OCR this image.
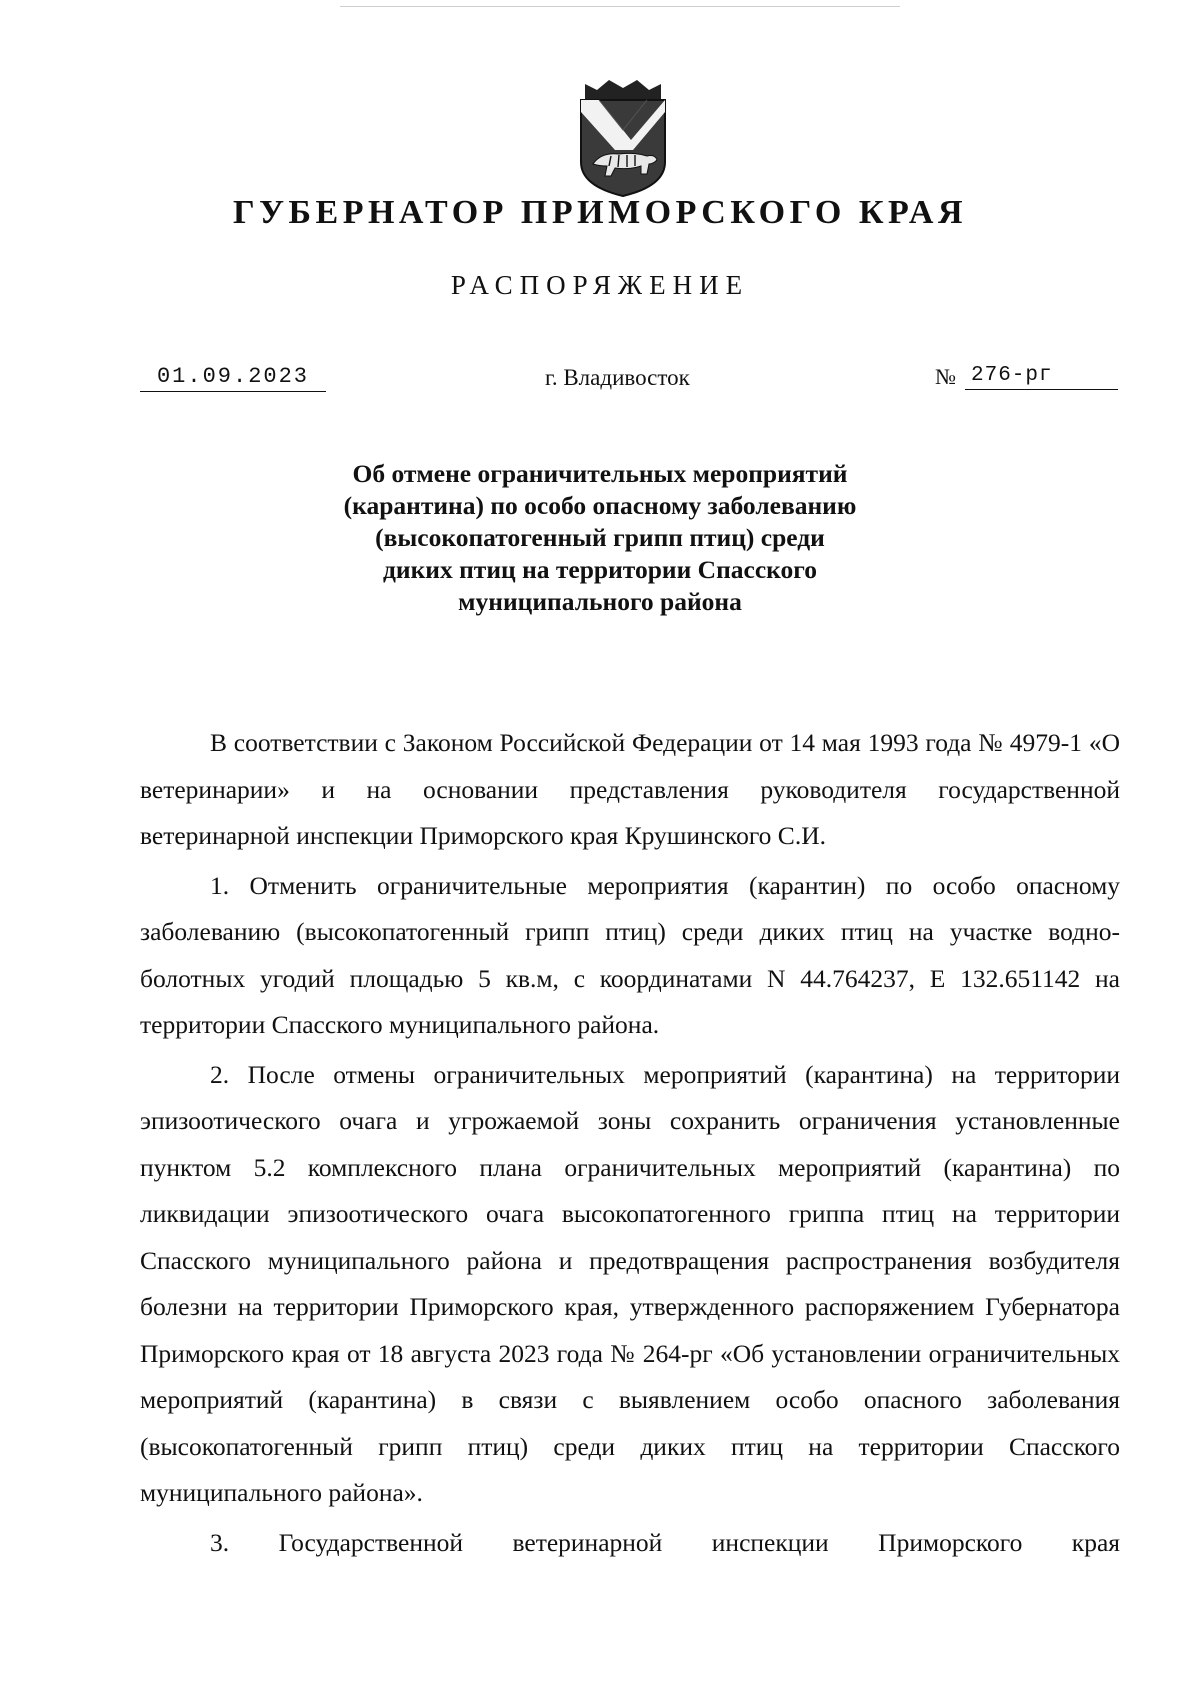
ГУБЕРНАТОР ПРИМОРСКОГО КРАЯ
РАСПОРЯЖЕНИЕ
01.09.2023	г. Владивосток	№ 276-рг
Об отмене ограничительных мероприятий
(карантина) по особо опасному заболеванию
(высокопатогенный грипп птиц) среди
диких птиц на территории Спасского
муниципального района

В соответствии с Законом Российской Федерации от 14 мая 1993 года № 4979-1 «О ветеринарии» и на основании представления руководителя государственной ветеринарной инспекции Приморского края Крушинского С.И.

1. Отменить ограничительные мероприятия (карантин) по особо опасному заболеванию (высокопатогенный грипп птиц) среди диких птиц на участке водно-болотных угодий площадью 5 кв.м, с координатами N 44.764237, E 132.651142 на территории Спасского муниципального района.

2. После отмены ограничительных мероприятий (карантина) на территории эпизоотического очага и угрожаемой зоны сохранить ограничения установленные пунктом 5.2 комплексного плана ограничительных мероприятий (карантина) по ликвидации эпизоотического очага высокопатогенного гриппа птиц на территории Спасского муниципального района и предотвращения распространения возбудителя болезни на территории Приморского края, утвержденного распоряжением Губернатора Приморского края от 18 августа 2023 года № 264-рг «Об установлении ограничительных мероприятий (карантина) в связи с выявлением особо опасного заболевания (высокопатогенный грипп птиц) среди диких птиц на территории Спасского муниципального района».

3. Государственной ветеринарной инспекции Приморского края
